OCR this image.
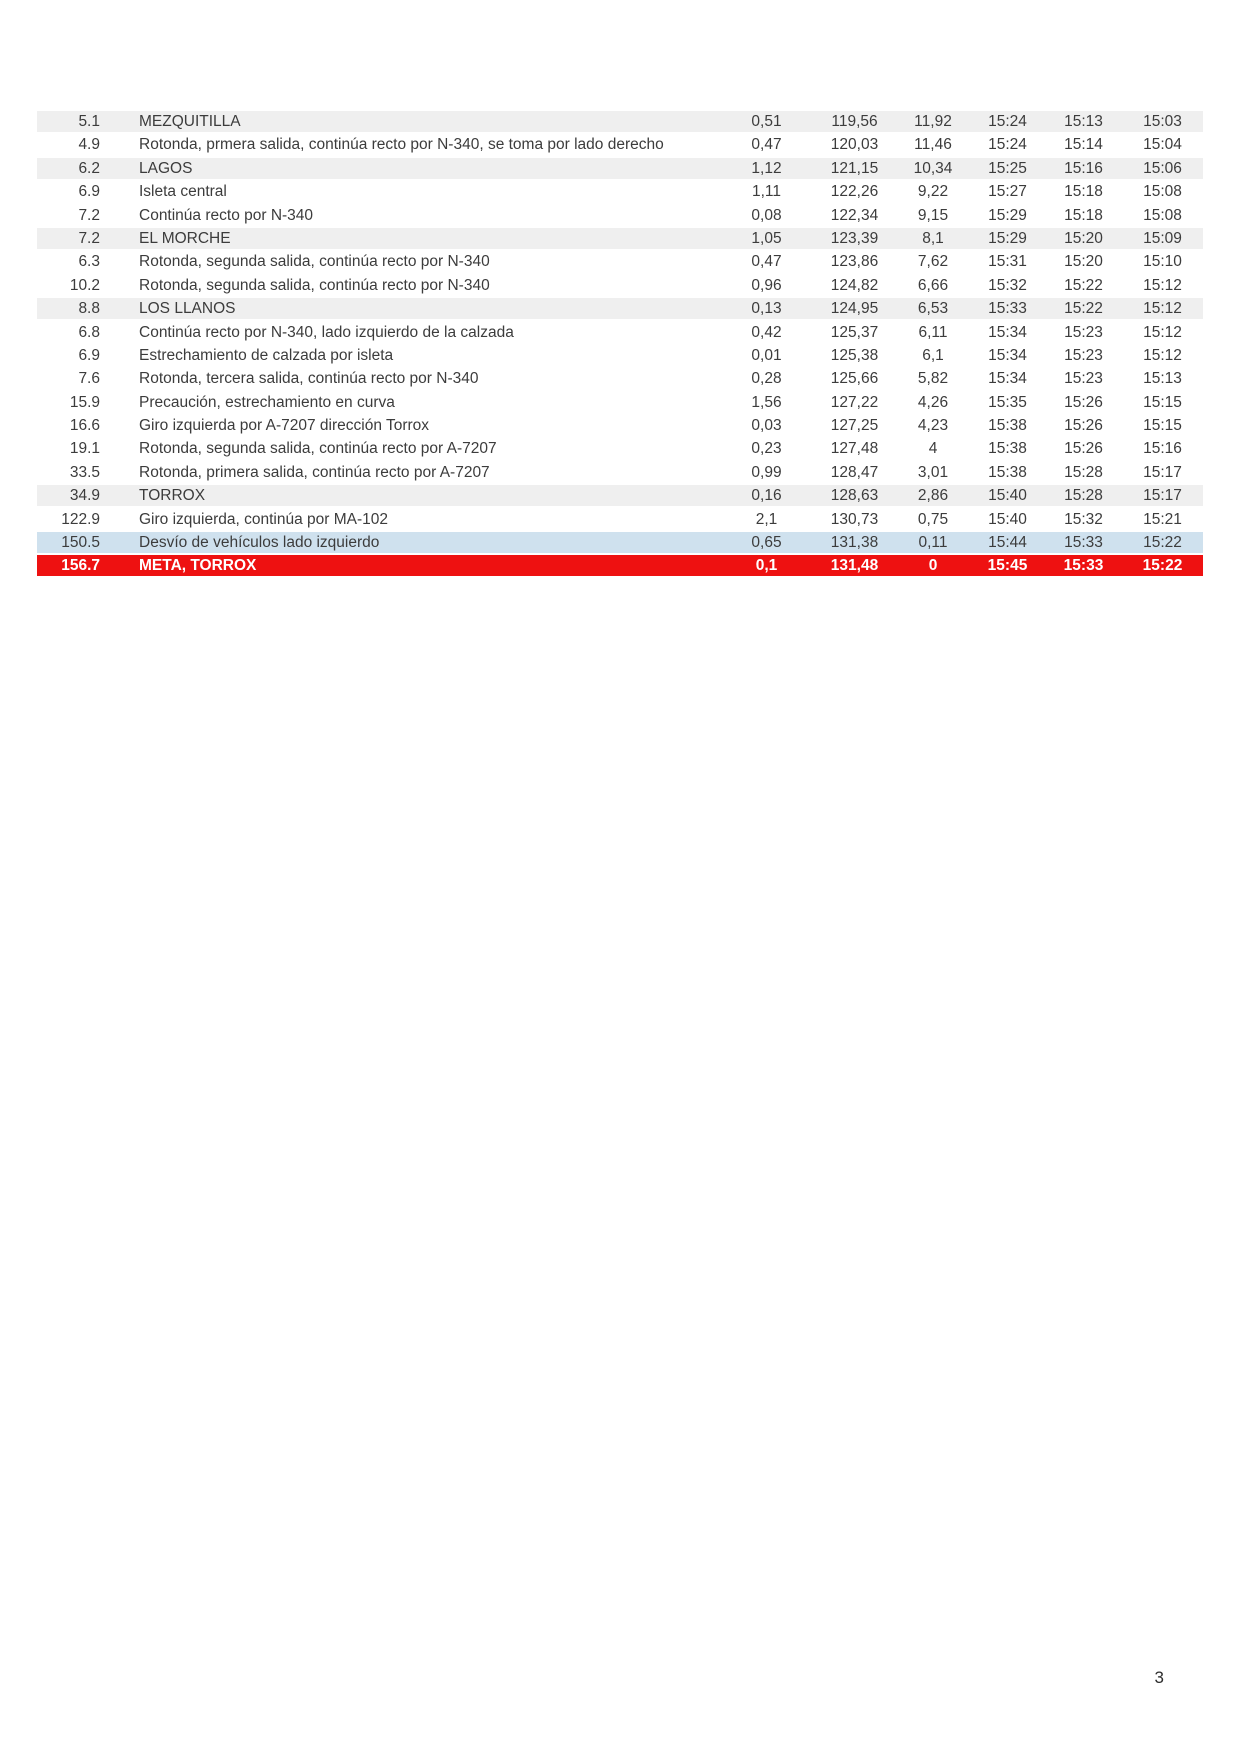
5.1	MEZQUITILLA	0,51	119,56	11,92	15:24	15:13	15:03
4.9	Rotonda, prmera salida, continúa recto por N-340, se toma por lado derecho	0,47	120,03	11,46	15:24	15:14	15:04
6.2	LAGOS	1,12	121,15	10,34	15:25	15:16	15:06
6.9	Isleta central	1,11	122,26	9,22	15:27	15:18	15:08
7.2	Continúa recto por N-340	0,08	122,34	9,15	15:29	15:18	15:08
7.2	EL MORCHE	1,05	123,39	8,1	15:29	15:20	15:09
6.3	Rotonda, segunda salida, continúa recto por N-340	0,47	123,86	7,62	15:31	15:20	15:10
10.2	Rotonda, segunda salida, continúa recto por N-340	0,96	124,82	6,66	15:32	15:22	15:12
8.8	LOS LLANOS	0,13	124,95	6,53	15:33	15:22	15:12
6.8	Continúa recto por N-340, lado izquierdo de la calzada	0,42	125,37	6,11	15:34	15:23	15:12
6.9	Estrechamiento de calzada por isleta	0,01	125,38	6,1	15:34	15:23	15:12
7.6	Rotonda, tercera salida, continúa recto por N-340	0,28	125,66	5,82	15:34	15:23	15:13
15.9	Precaución, estrechamiento en curva	1,56	127,22	4,26	15:35	15:26	15:15
16.6	Giro izquierda por A-7207 dirección Torrox	0,03	127,25	4,23	15:38	15:26	15:15
19.1	Rotonda, segunda salida, continúa recto por A-7207	0,23	127,48	4	15:38	15:26	15:16
33.5	Rotonda, primera salida, continúa recto por A-7207	0,99	128,47	3,01	15:38	15:28	15:17
34.9	TORROX	0,16	128,63	2,86	15:40	15:28	15:17
122.9	Giro izquierda, continúa por MA-102	2,1	130,73	0,75	15:40	15:32	15:21
150.5	Desvío de vehículos lado izquierdo	0,65	131,38	0,11	15:44	15:33	15:22
156.7	META, TORROX	0,1	131,48	0	15:45	15:33	15:22
3
